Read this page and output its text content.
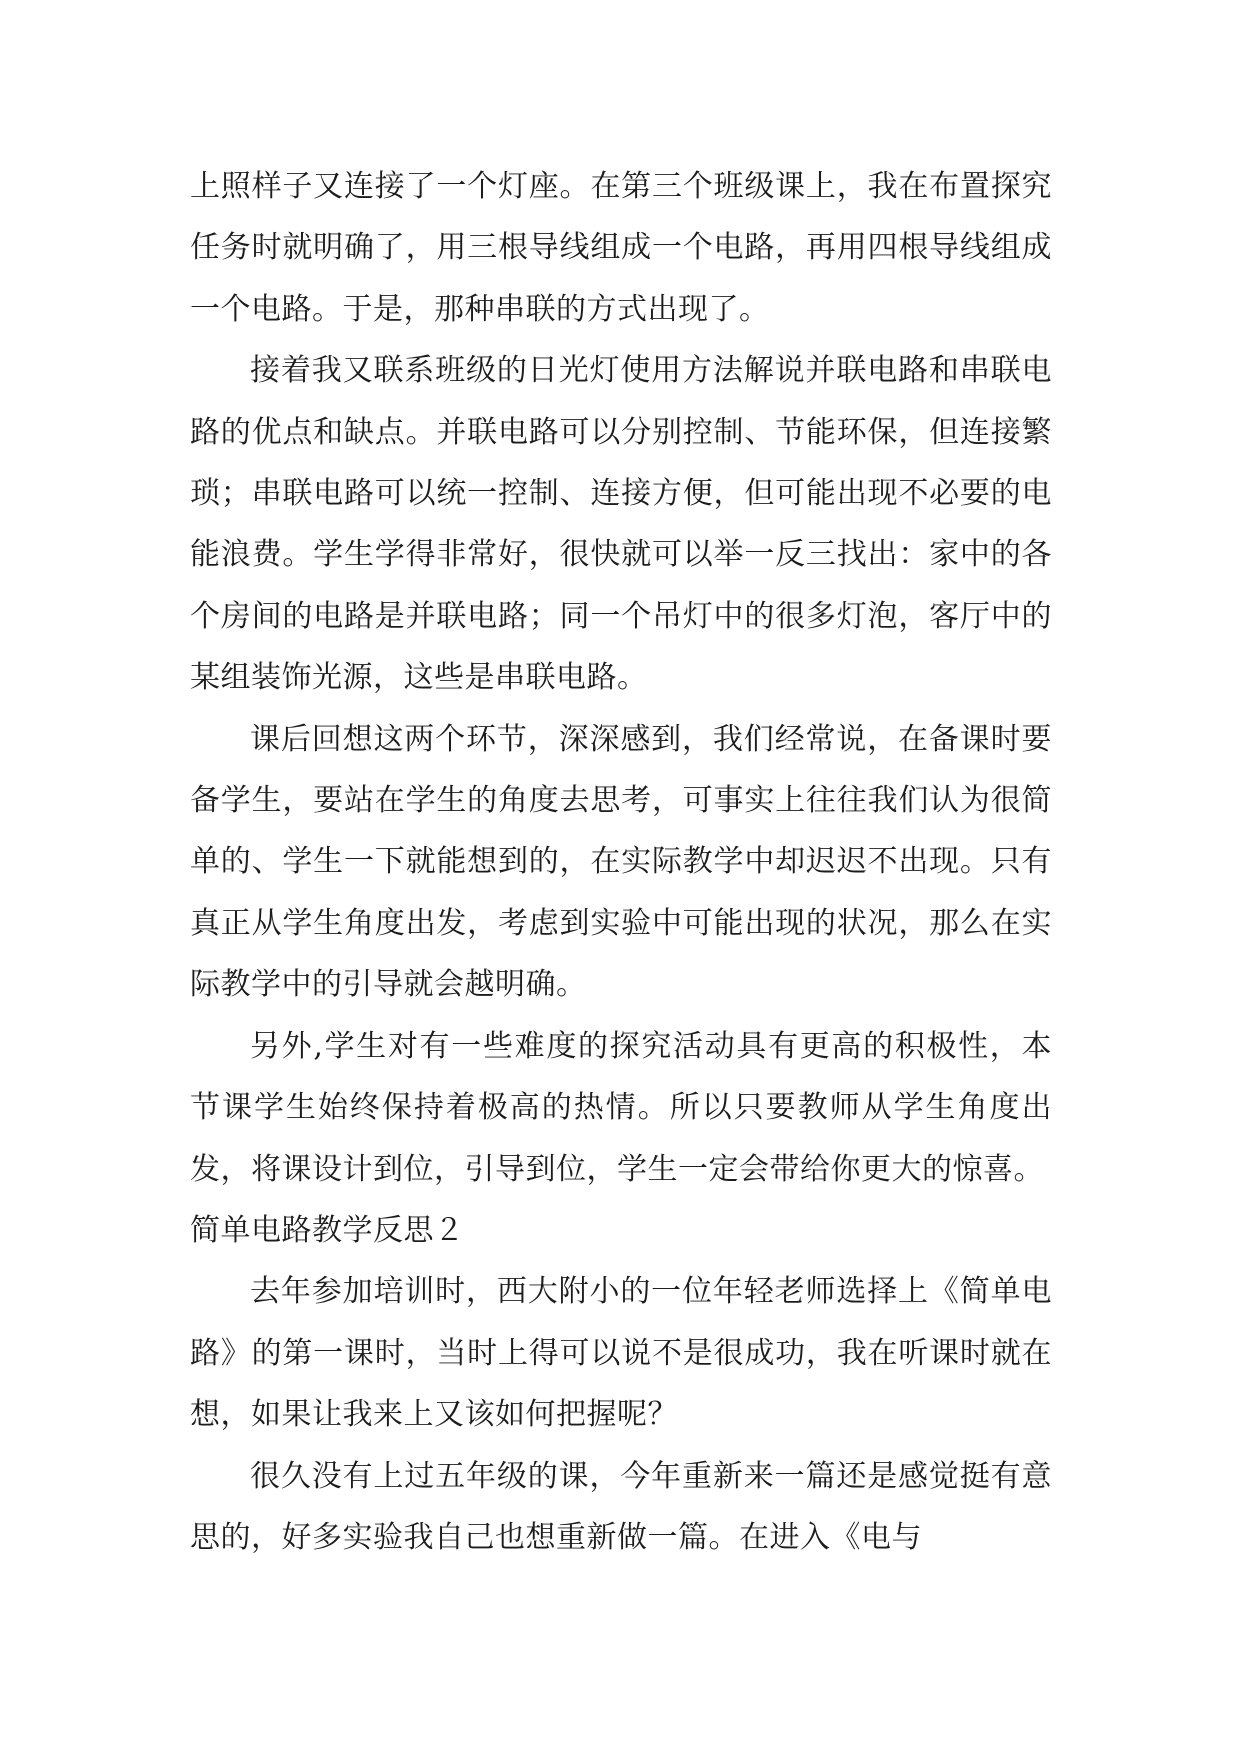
上照样子又连接了一个灯座。在第三个班级课上，我在布置探究任务时就明确了，用三根导线组成一个电路，再用四根导线组成一个电路。于是，那种串联的方式出现了。

接着我又联系班级的日光灯使用方法解说并联电路和串联电路的优点和缺点。并联电路可以分别控制、节能环保，但连接繁琐；串联电路可以统一控制、连接方便，但可能出现不必要的电能浪费。学生学得非常好，很快就可以举一反三找出：家中的各个房间的电路是并联电路；同一个吊灯中的很多灯泡，客厅中的某组装饰光源，这些是串联电路。

课后回想这两个环节，深深感到，我们经常说，在备课时要备学生，要站在学生的角度去思考，可事实上往往我们认为很简单的、学生一下就能想到的，在实际教学中却迟迟不出现。只有真正从学生角度出发，考虑到实验中可能出现的状况，那么在实际教学中的引导就会越明确。

另外,学生对有一些难度的探究活动具有更高的积极性，本节课学生始终保持着极高的热情。所以只要教师从学生角度出发，将课设计到位，引导到位，学生一定会带给你更大的惊喜。

简单电路教学反思２

去年参加培训时，西大附小的一位年轻老师选择上《简单电路》的第一课时，当时上得可以说不是很成功，我在听课时就在想，如果让我来上又该如何把握呢？

很久没有上过五年级的课，今年重新来一篇还是感觉挺有意思的，好多实验我自己也想重新做一篇。在进入《电与
